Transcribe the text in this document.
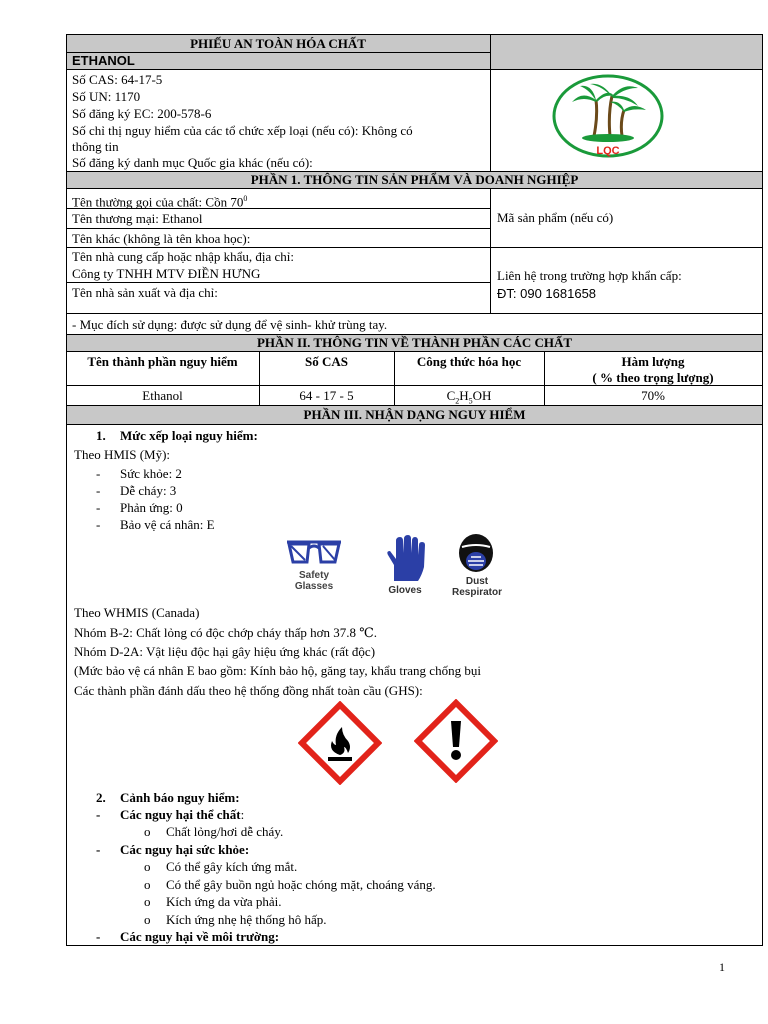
PHIẾU AN TOÀN HÓA CHẤT
ETHANOL
Số CAS: 64-17-5
Số UN: 1170
Số đăng ký EC: 200-578-6
Số chỉ thị nguy hiểm của các tổ chức xếp loại (nếu có): Không có
thông tin
Số đăng ký danh mục Quốc gia khác (nếu có):
LQC
PHẦN 1. THÔNG TIN SẢN PHẨM VÀ DOANH NGHIỆP
Tên thường gọi của chất: Cồn $70^0$
Tên thương mại: Ethanol
Tên khác (không là tên khoa học):
Mã sản phẩm (nếu có)
Tên nhà cung cấp hoặc nhập khẩu, địa chỉ:
Công ty TNHH MTV ĐIỀN HƯNG
Tên nhà sản xuất và địa chỉ:
Liên hệ trong trường hợp khẩn cấp:
ĐT: 090 1681658
- Mục đích sử dụng: được sử dụng để vệ sinh- khử trùng tay.
PHẦN II. THÔNG TIN VỀ THÀNH PHẦN CÁC CHẤT
Tên thành phần nguy hiểm	Số CAS	Công thức hóa học	Hàm lượng
( % theo trọng lượng)
Ethanol	64 - 17 - 5	$C_2H_5OH$	70%
PHẦN III. NHẬN DẠNG NGUY HIỂM
1. Mức xếp loại nguy hiểm:
Theo HMIS (Mỹ):
- Sức khỏe: 2
- Dễ cháy: 3
- Phản ứng: 0
- Bảo vệ cá nhân: E
Safety
Glasses	Gloves
Dust
Respirator
Theo WHMIS (Canada)
Nhóm B-2: Chất lỏng có độc chớp cháy thấp hơn 37.8 ℃.
Nhóm D-2A: Vật liệu độc hại gây hiệu ứng khác (rất độc)
(Mức bảo vệ cá nhân E bao gồm: Kính bảo hộ, găng tay, khẩu trang chống bụi
Các thành phần đánh dấu theo hệ thống đồng nhất toàn cầu (GHS):
2. Cảnh báo nguy hiểm:
- Các nguy hại thể chất:
o Chất lỏng/hơi dễ cháy.
- Các nguy hại sức khỏe:
o Có thể gây kích ứng mắt.
o Có thể gây buồn ngủ hoặc chóng mặt, choáng váng.
o Kích ứng da vừa phải.
o Kích ứng nhẹ hệ thống hô hấp.
- Các nguy hại về môi trường:
1
